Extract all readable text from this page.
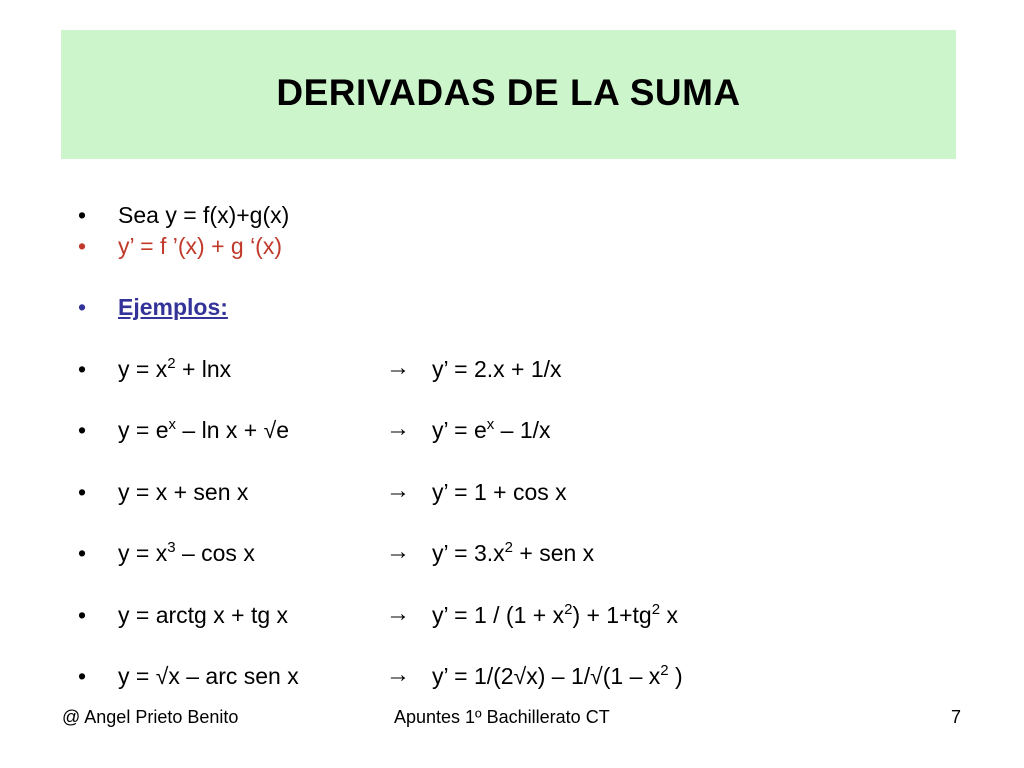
DERIVADAS DE LA SUMA
• Sea y = f(x)+g(x)
• y’ = f ’(x) + g ‘(x)
• Ejemplos:
• $y = x^2 + \ln x$	→ y’ = 2.x + 1/x
• $y = e^x - \ln x + √e$	→ y’ = $e^x - 1/x$
• y = x + sen x	→ y’ = 1 + cos x
• $y = x^3 - \cos x$	→ y’ = $3.x^2$ + sen x
• y = arctg x + tg x	→ y’ = $1 / (1 + x^2) + 1+tg^2$ x
• y = √x – arc sen x	→ y’ = $1/(2√x) - 1/√(1 - x^2$ )
@ Angel Prieto Benito	Apuntes 1º Bachillerato CT	7
